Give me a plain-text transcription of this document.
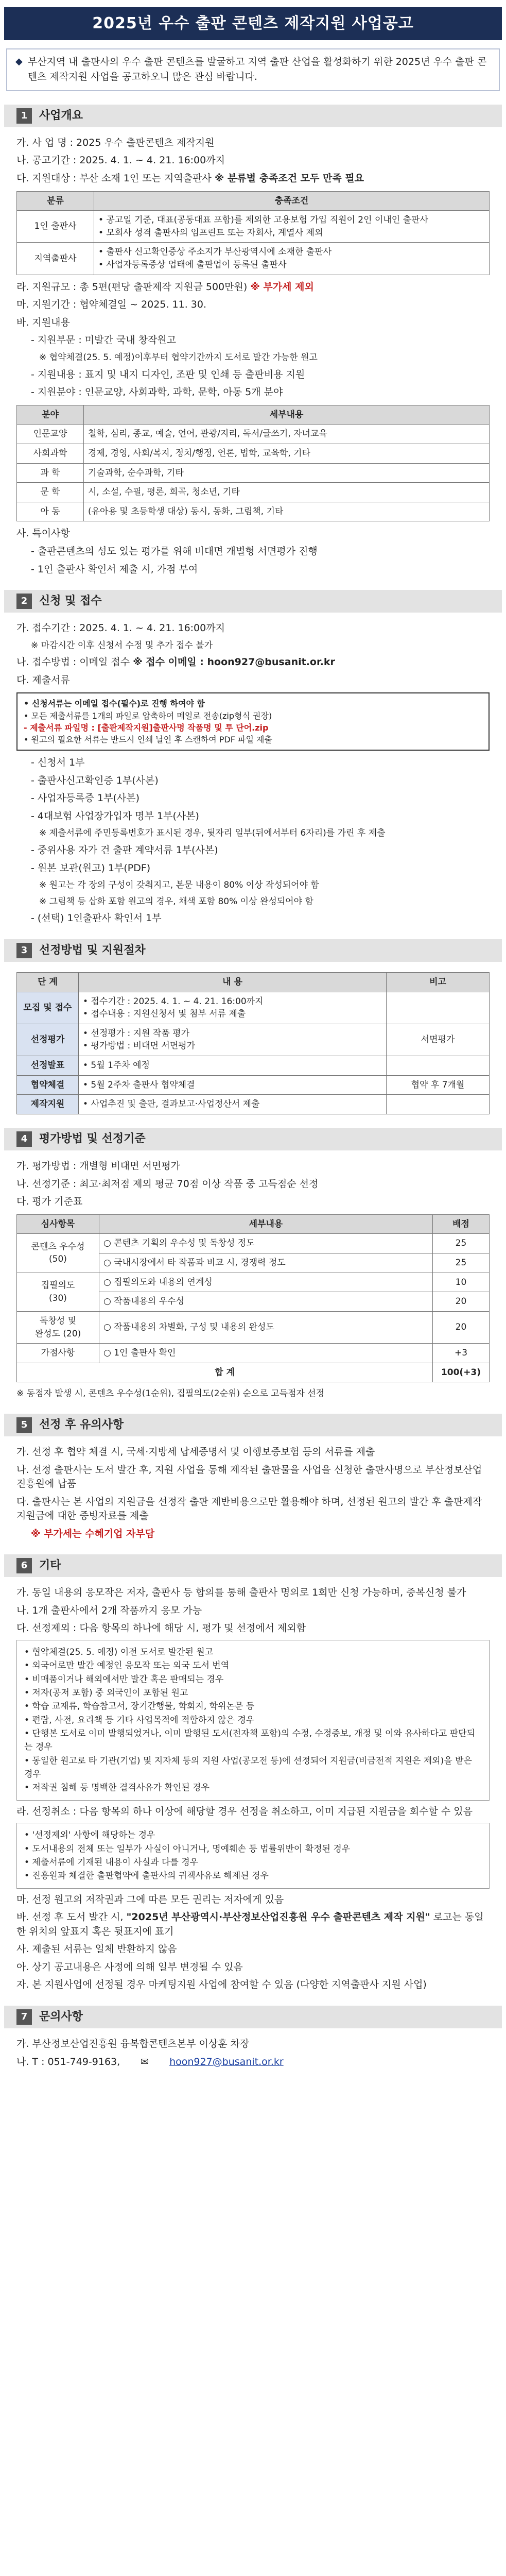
2025년 우수 출판 콘텐츠 제작지원 사업공고
◆ 부산지역 내 출판사의 우수 출판 콘텐츠를 발굴하고 지역 출판 산업을 활성화하기 위한 2025년 우수 출판 콘텐츠 제작지원 사업을 공고하오니 많은 관심 바랍니다.
1	사업개요
가. 사 업 명 : 2025 우수 출판콘텐츠 제작지원
나. 공고기간 : 2025. 4. 1. ~ 4. 21. 16:00까지
다. 지원대상 : 부산 소재 1인 또는 지역출판사 ※ 분류별 충족조건 모두 만족 필요
분류	충족조건
1인 출판사	• 공고일 기준, 대표(공동대표 포함)를 제외한 고용보험 가입 직원이 2인 이내인 출판사
• 모회사 성격 출판사의 임프린트 또는 자회사, 계열사 제외

지역출판사	• 출판사 신고확인증상 주소지가 부산광역시에 소재한 출판사
• 사업자등록증상 업태에 출판업이 등록된 출판사
라. 지원규모 : 총 5편(편당 출판제작 지원금 500만원) ※ 부가세 제외
마. 지원기간 : 협약체결일 ~ 2025. 11. 30.
바. 지원내용
- 지원부문 : 미발간 국내 창작원고
※ 협약체결(25. 5. 예정)이후부터 협약기간까지 도서로 발간 가능한 원고
- 지원내용 : 표지 및 내지 디자인, 조판 및 인쇄 등 출판비용 지원
- 지원분야 : 인문교양, 사회과학, 과학, 문학, 아동 5개 분야
분야	세부내용
인문교양	철학, 심리, 종교, 예술, 언어, 관광/지리, 독서/글쓰기, 자녀교육
사회과학	경제, 경영, 사회/복지, 정치/행정, 언론, 법학, 교육학, 기타
과 학	기술과학, 순수과학, 기타
문 학	시, 소설, 수필, 평론, 희곡, 청소년, 기타
아 동	(유아용 및 초등학생 대상) 동시, 동화, 그림책, 기타
사. 특이사항
- 출판콘텐츠의 성도 있는 평가를 위해 비대면 개별형 서면평가 진행
- 1인 출판사 확인서 제출 시, 가점 부여
2	신청 및 접수
가. 접수기간 : 2025. 4. 1. ~ 4. 21. 16:00까지
※ 마감시간 이후 신청서 수정 및 추가 접수 불가
나. 접수방법 : 이메일 접수 ※ 접수 이메일 : hoon927@busanit.or.kr
다. 제출서류
• 신청서류는 이메일 접수(필수)로 진행 하여야 함
• 모든 제출서류를 1개의 파일로 압축하여 메일로 전송(zip형식 권장)
- 제출서류 파일명 : [출판제작지원]출판사명 작품명 및 투 단어.zip
• 원고의 필요한 서류는 반드시 인쇄 날인 후 스캔하여 PDF 파일 제출
- 신청서 1부
- 출판사신고확인증 1부(사본)
- 사업자등록증 1부(사본)
- 4대보험 사업장가입자 명부 1부(사본)
※ 제출서류에 주민등록번호가 표시된 경우, 뒷자리 일부(뒤에서부터 6자리)를 가린 후 제출
- 중위사용 자가 건 출판 계약서류 1부(사본)
- 원본 보관(원고) 1부(PDF)
※ 원고는 각 장의 구성이 갖춰지고, 본문 내용이 80% 이상 작성되어야 함
※ 그림책 등 삽화 포함 원고의 경우, 채색 포함 80% 이상 완성되어야 함
- (선택) 1인출판사 확인서 1부
3	선정방법 및 지원절차
단 계	내 용	비고
모집 및 접수	• 접수기간 : 2025. 4. 1. ~ 4. 21. 16:00까지
• 접수내용 : 지원신청서 및 첨부 서류 제출	
선정평가	• 선정평가 : 지원 작품 평가
• 평가방법 : 비대면 서면평가	서면평가
선정발표	• 5월 1주차 예정	
협약체결	• 5월 2주차 출판사 협약체결	협약 후 7개월
제작지원	• 사업추진 및 출판, 결과보고·사업정산서 제출	
4	평가방법 및 선정기준
가. 평가방법 : 개별형 비대면 서면평가
나. 선정기준 : 최고·최저점 제외 평균 70점 이상 작품 중 고득점순 선정
다. 평가 기준표
심사항목	세부내용	배점
콘텐츠 우수성
(50)	○ 콘텐츠 기획의 우수성 및 독창성 정도	25
	○ 국내시장에서 타 작품과 비교 시, 경쟁력 정도	25
집필의도
(30)	○ 집필의도와 내용의 연계성	10
	○ 작품내용의 우수성	20
독창성 및
완성도 (20)	○ 작품내용의 차별화, 구성 및 내용의 완성도	20
가점사항	○ 1인 출판사 확인	+3
합 계		100(+3)
※ 동점자 발생 시, 콘텐츠 우수성(1순위), 집필의도(2순위) 순으로 고득점자 선정
5	선정 후 유의사항
가. 선정 후 협약 체결 시, 국세·지방세 납세증명서 및 이행보증보험 등의 서류를 제출
나. 선정 출판사는 도서 발간 후, 지원 사업을 통해 제작된 출판물을 사업을 신청한 출판사명으로 부산정보산업진흥원에 납품
다. 출판사는 본 사업의 지원금을 선정작 출판 제반비용으로만 활용해야 하며, 선정된 원고의 발간 후 출판제작지원금에 대한 증빙자료를 제출
※ 부가세는 수혜기업 자부담
6	기타
가. 동일 내용의 응모작은 저자, 출판사 등 합의를 통해 출판사 명의로 1회만 신청 가능하며, 중복신청 불가
나. 1개 출판사에서 2개 작품까지 응모 가능
다. 선정제외 : 다음 항목의 하나에 해당 시, 평가 및 선정에서 제외함
• 협약체결(25. 5. 예정) 이전 도서로 발간된 원고
• 외국어로만 발간 예정인 응모작 또는 외국 도서 번역
• 비매품이거나 해외에서만 발간 혹은 판매되는 경우
• 저자(공저 포함) 중 외국인이 포함된 원고
• 학습 교재류, 학습참고서, 장기간행물, 학회지, 학위논문 등
• 편람, 사전, 요리책 등 기타 사업목적에 적합하지 않은 경우
• 단행본 도서로 이미 발행되었거나, 이미 발행된 도서(전자책 포함)의 수정, 수정증보, 개정 및 이와 유사하다고 판단되는 경우
• 동일한 원고로 타 기관(기업) 및 지자체 등의 지원 사업(공모전 등)에 선정되어 지원금(비금전적 지원은 제외)을 받은 경우
• 저작권 침해 등 명백한 결격사유가 확인된 경우
라. 선정취소 : 다음 항목의 하나 이상에 해당할 경우 선정을 취소하고, 이미 지급된 지원금을 회수할 수 있음
• '선정제외' 사항에 해당하는 경우
• 도서내용의 전체 또는 일부가 사실이 아니거나, 명예훼손 등 법률위반이 확정된 경우
• 제출서류에 기재된 내용이 사실과 다를 경우
• 진흥원과 체결한 출판협약에 출판사의 귀책사유로 해제된 경우
마. 선정 원고의 저작권과 그에 따른 모든 권리는 저자에게 있음
바. 선정 후 도서 발간 시, "2025년 부산광역시·부산정보산업진흥원 우수 출판콘텐츠 제작 지원" 로고는 동일한 위치의 앞표지 혹은 뒷표지에 표기
사. 제출된 서류는 일체 반환하지 않음
아. 상기 공고내용은 사정에 의해 일부 변경될 수 있음
자. 본 지원사업에 선정될 경우 마케팅지원 사업에 참여할 수 있음 (다양한 지역출판사 지원 사업)
7	문의사항
가. 부산정보산업진흥원 융복합콘텐츠본부 이상훈 차장
나. T : 051-749-9163, ✉ hoon927@busanit.or.kr
